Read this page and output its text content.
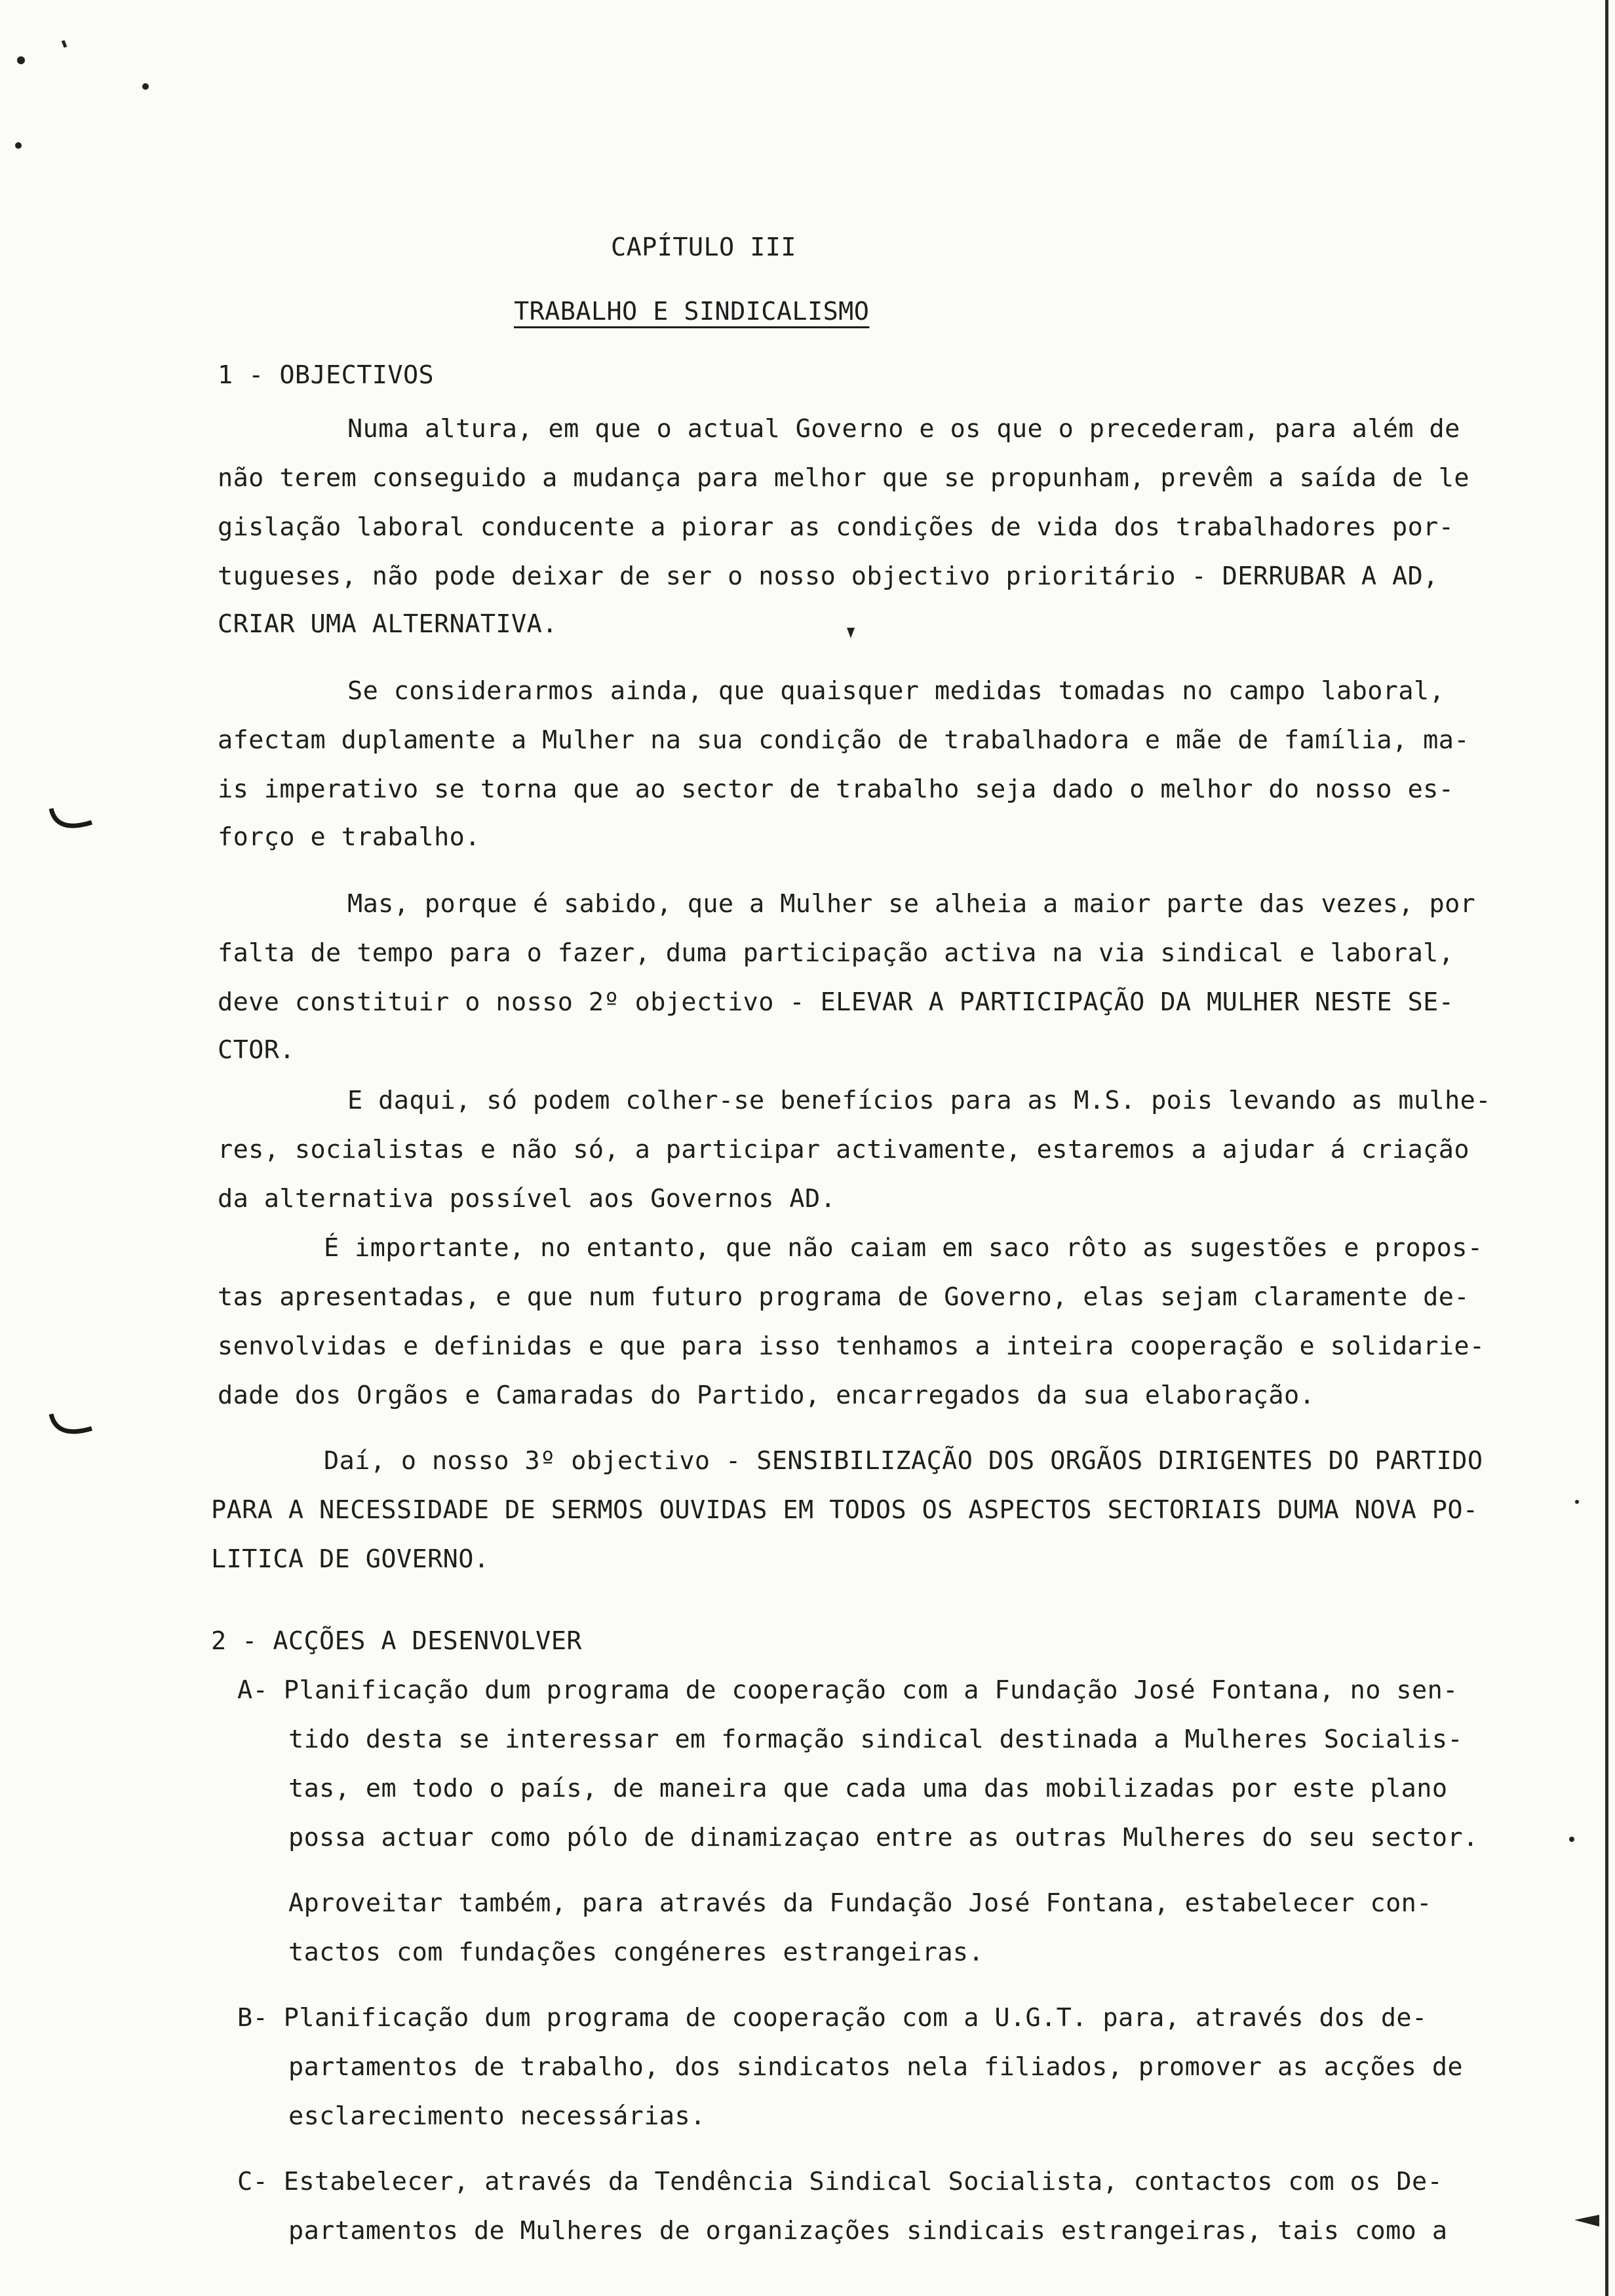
CAPÍTULO III
TRABALHO E SINDICALISMO
1 - OBJECTIVOS
Numa altura, em que o actual Governo e os que o precederam, para além de
não terem conseguido a mudança para melhor que se propunham, prevêm a saída de le
gislação laboral conducente a piorar as condições de vida dos trabalhadores por-
tugueses, não pode deixar de ser o nosso objectivo prioritário - DERRUBAR A AD,
CRIAR UMA ALTERNATIVA.
Se considerarmos ainda, que quaisquer medidas tomadas no campo laboral,
afectam duplamente a Mulher na sua condição de trabalhadora e mãe de família, ma-
is imperativo se torna que ao sector de trabalho seja dado o melhor do nosso es-
forço e trabalho.
Mas, porque é sabido, que a Mulher se alheia a maior parte das vezes, por
falta de tempo para o fazer, duma participação activa na via sindical e laboral,
deve constituir o nosso 2º objectivo - ELEVAR A PARTICIPAÇÃO DA MULHER NESTE SE-
CTOR.
E daqui, só podem colher-se benefícios para as M.S. pois levando as mulhe-
res, socialistas e não só, a participar activamente, estaremos a ajudar á criação
da alternativa possível aos Governos AD.
É importante, no entanto, que não caiam em saco rôto as sugestões e propos-
tas apresentadas, e que num futuro programa de Governo, elas sejam claramente de-
senvolvidas e definidas e que para isso tenhamos a inteira cooperação e solidarie-
dade dos Orgãos e Camaradas do Partido, encarregados da sua elaboração.
Daí, o nosso 3º objectivo - SENSIBILIZAÇÃO DOS ORGÃOS DIRIGENTES DO PARTIDO
PARA A NECESSIDADE DE SERMOS OUVIDAS EM TODOS OS ASPECTOS SECTORIAIS DUMA NOVA PO-
LITICA DE GOVERNO.
2 - ACÇÕES A DESENVOLVER
A- Planificação dum programa de cooperação com a Fundação José Fontana, no sen-
tido desta se interessar em formação sindical destinada a Mulheres Socialis-
tas, em todo o país, de maneira que cada uma das mobilizadas por este plano
possa actuar como pólo de dinamizaçao entre as outras Mulheres do seu sector.
Aproveitar também, para através da Fundação José Fontana, estabelecer con-
tactos com fundações congéneres estrangeiras.
B- Planificação dum programa de cooperação com a U.G.T. para, através dos de-
partamentos de trabalho, dos sindicatos nela filiados, promover as acções de
esclarecimento necessárias.
C- Estabelecer, através da Tendência Sindical Socialista, contactos com os De-
partamentos de Mulheres de organizações sindicais estrangeiras, tais como a
